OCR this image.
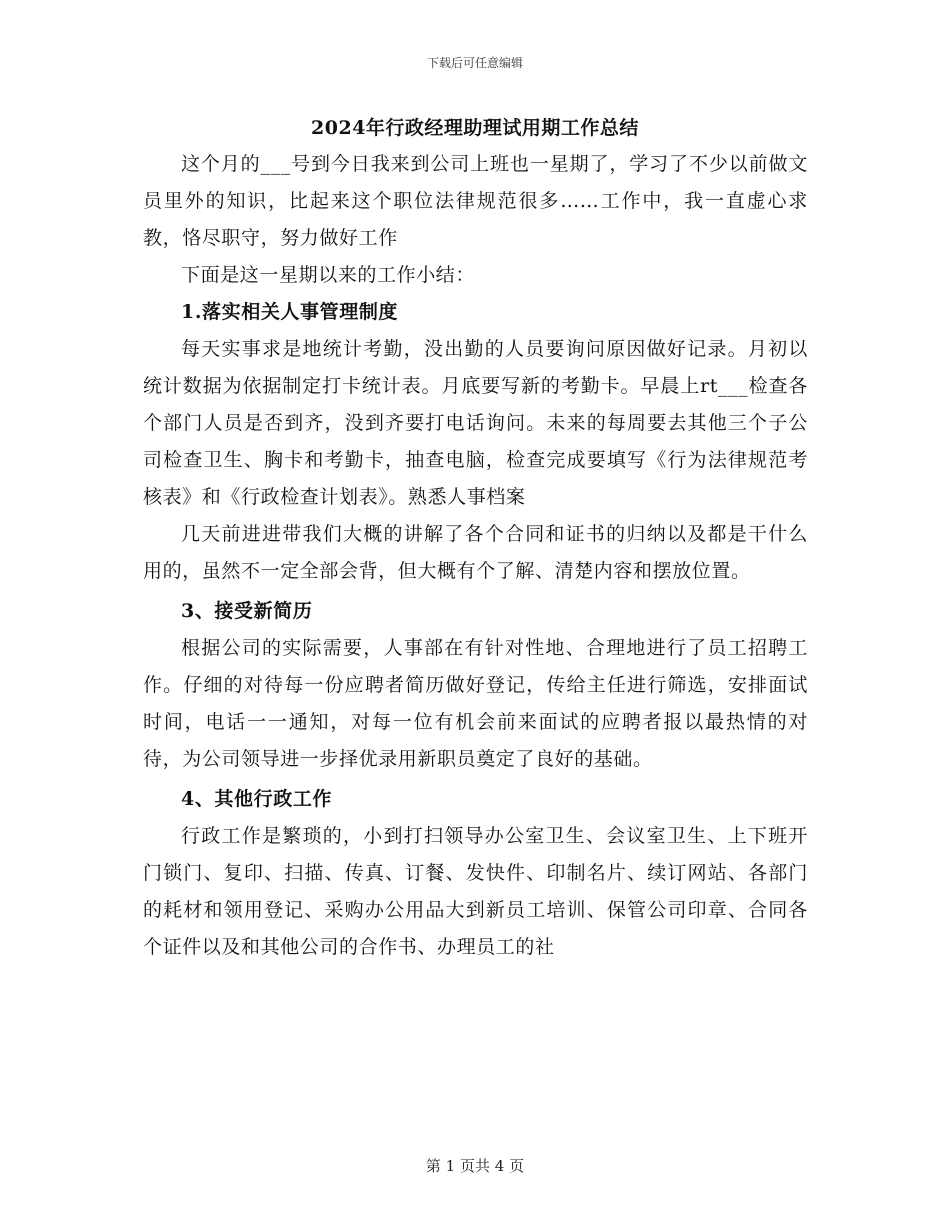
下载后可任意编辑
2024年行政经理助理试用期工作总结

这个月的___号到今日我来到公司上班也一星期了，学习了不少以前做文员里外的知识，比起来这个职位法律规范很多……工作中，我一直虚心求教，恪尽职守，努力做好工作

下面是这一星期以来的工作小结：

1.落实相关人事管理制度

每天实事求是地统计考勤，没出勤的人员要询问原因做好记录。月初以统计数据为依据制定打卡统计表。月底要写新的考勤卡。早晨上rt___检查各个部门人员是否到齐，没到齐要打电话询问。未来的每周要去其他三个子公司检查卫生、胸卡和考勤卡，抽查电脑，检查完成要填写《行为法律规范考核表》和《行政检查计划表》。熟悉人事档案

几天前进进带我们大概的讲解了各个合同和证书的归纳以及都是干什么用的，虽然不一定全部会背，但大概有个了解、清楚内容和摆放位置。

3、接受新简历

根据公司的实际需要，人事部在有针对性地、合理地进行了员工招聘工作。仔细的对待每一份应聘者简历做好登记，传给主任进行筛选，安排面试时间，电话一一通知，对每一位有机会前来面试的应聘者报以最热情的对待，为公司领导进一步择优录用新职员奠定了良好的基础。

4、其他行政工作

行政工作是繁琐的，小到打扫领导办公室卫生、会议室卫生、上下班开门锁门、复印、扫描、传真、订餐、发快件、印制名片、续订网站、各部门的耗材和领用登记、采购办公用品大到新员工培训、保管公司印章、合同各个证件以及和其他公司的合作书、办理员工的社

第 1 页共 4 页
